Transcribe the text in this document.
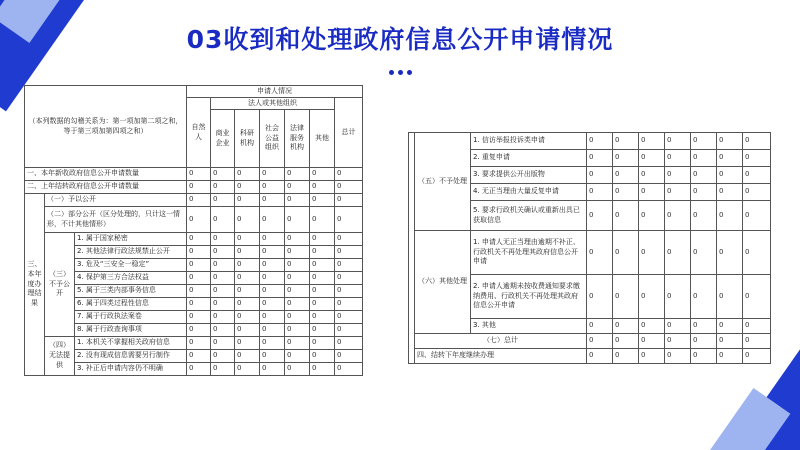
03收到和处理政府信息公开申请情况
（本列数据的勾稽关系为：第一项加第二项之和，等于第三项加第四项之和）			申请人情况						
			自然人	法人或其他组织					总计
				商业企业	科研机构	社会公益组织	法律服务机构	其他	
一、本年新收政府信息公开申请数量			0	0	0	0	0	0	0
二、上年结转政府信息公开申请数量			0	0	0	0	0	0	0
三、本年度办理结果	（一）予以公开		0	0	0	0	0	0	0
	（二）部分公开（区分处理的，只计这一情形，不计其他情形）		0	0	0	0	0	0	0
	（三）不予公开	1. 属于国家秘密	0	0	0	0	0	0	0
		2. 其他法律行政法规禁止公开	0	0	0	0	0	0	0
		3. 危及“三安全一稳定”	0	0	0	0	0	0	0
		4. 保护第三方合法权益	0	0	0	0	0	0	0
		5. 属于三类内部事务信息	0	0	0	0	0	0	0
		6. 属于四类过程性信息	0	0	0	0	0	0	0
		7. 属于行政执法案卷	0	0	0	0	0	0	0
		8. 属于行政查询事项	0	0	0	0	0	0	0
	（四）无法提供	1. 本机关不掌握相关政府信息	0	0	0	0	0	0	0
		2. 没有现成信息需要另行制作	0	0	0	0	0	0	0
		3. 补正后申请内容仍不明确	0	0	0	0	0	0	0
	（五）不予处理	1. 信访举报投诉类申请	0	0	0	0	0	0	0
		2. 重复申请	0	0	0	0	0	0	0
		3. 要求提供公开出版物	0	0	0	0	0	0	0
		4. 无正当理由大量反复申请	0	0	0	0	0	0	0
		5. 要求行政机关确认或重新出具已获取信息	0	0	0	0	0	0	0
	（六）其他处理	1. 申请人无正当理由逾期不补正、行政机关不再处理其政府信息公开申请	0	0	0	0	0	0	0
		2. 申请人逾期未按收费通知要求缴纳费用、行政机关不再处理其政府信息公开申请	0	0	0	0	0	0	0
		3. 其他	0	0	0	0	0	0	0
	（七）总计		0	0	0	0	0	0	0
	四、结转下年度继续办理		0	0	0	0	0	0	0
